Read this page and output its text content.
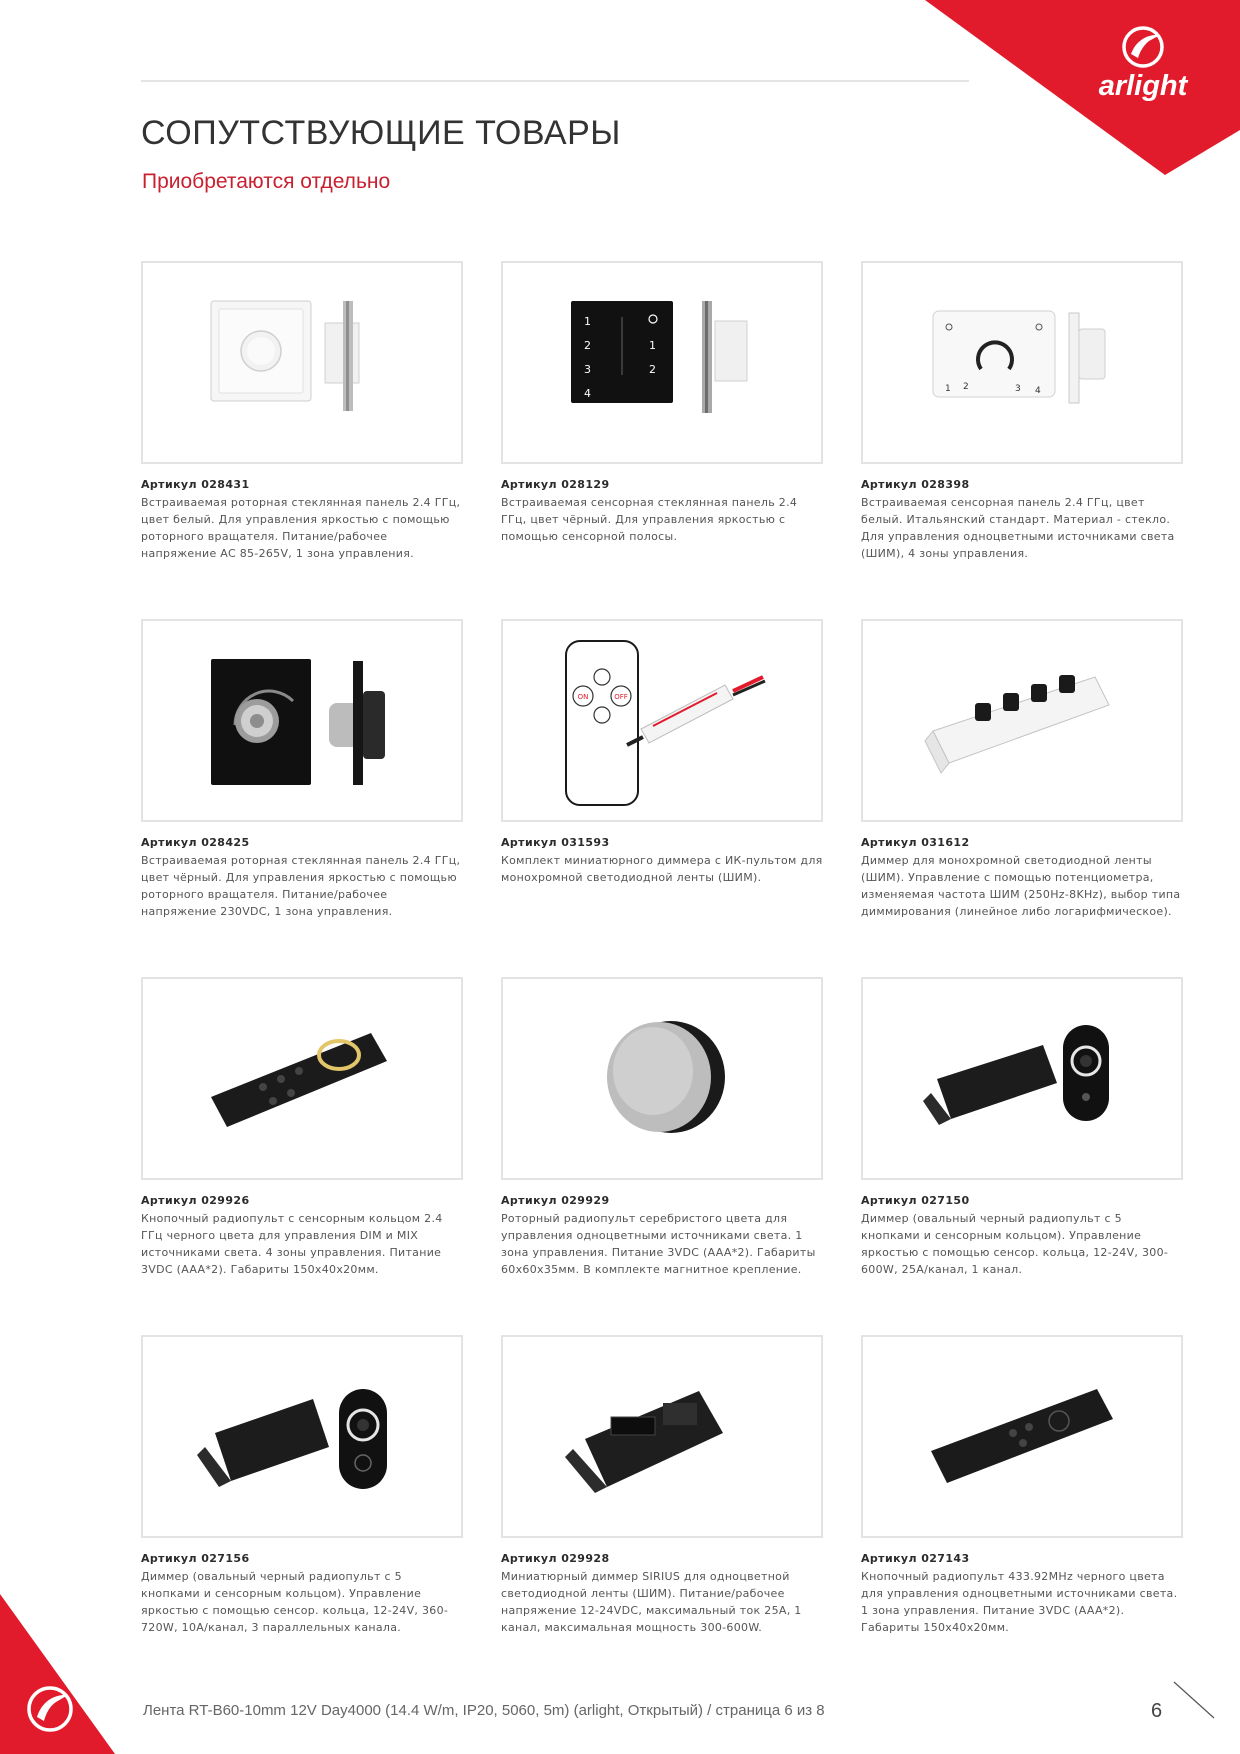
arlight
СОПУТСТВУЮЩИЕ ТОВАРЫ
Приобретаются отдельно
Артикул 028431
Встраиваемая роторная стеклянная панель 2.4 ГГц, цвет белый. Для управления яркостью с помощью роторного вращателя. Питание/рабочее напряжение AC 85-265V, 1 зона управления.
1
2
3
4
1
2
Артикул 028129
Встраиваемая сенсорная стеклянная панель 2.4 ГГц, цвет чёрный. Для управления яркостью с помощью сенсорной полосы.
1 2	3 4
Артикул 028398
Встраиваемая сенсорная панель 2.4 ГГц, цвет белый. Итальянский стандарт. Материал - стекло. Для управления одноцветными источниками света (ШИМ), 4 зоны управления.
Артикул 028425
Встраиваемая роторная стеклянная панель 2.4 ГГц, цвет чёрный. Для управления яркостью с помощью роторного вращателя. Питание/рабочее напряжение 230VDC, 1 зона управления.
ON	OFF
Артикул 031593
Комплект миниатюрного диммера с ИК-пультом для монохромной светодиодной ленты (ШИМ).
Артикул 031612
Диммер для монохромной светодиодной ленты (ШИМ). Управление с помощью потенциометра, изменяемая частота ШИМ (250Hz-8KHz), выбор типа диммирования (линейное либо логарифмическое).
Артикул 029926
Кнопочный радиопульт с сенсорным кольцом 2.4 ГГц черного цвета для управления DIM и MIX источниками света. 4 зоны управления. Питание 3VDC (AAA*2). Габариты 150x40x20мм.
Артикул 029929
Роторный радиопульт серебристого цвета для управления одноцветными источниками света. 1 зона управления. Питание 3VDC (AAA*2). Габариты 60x60x35мм. В комплекте магнитное крепление.
Артикул 027150
Диммер (овальный черный радиопульт с 5 кнопками и сенсорным кольцом). Управление яркостью с помощью сенсор. кольца, 12-24V, 300-600W, 25A/канал, 1 канал.
Артикул 027156
Диммер (овальный черный радиопульт с 5 кнопками и сенсорным кольцом). Управление яркостью с помощью сенсор. кольца, 12-24V, 360-720W, 10A/канал, 3 параллельных канала.
Артикул 029928
Миниатюрный диммер SIRIUS для одноцветной светодиодной ленты (ШИМ). Питание/рабочее напряжение 12-24VDC, максимальный ток 25А, 1 канал, максимальная мощность 300-600W.
Артикул 027143
Кнопочный радиопульт 433.92MHz черного цвета для управления одноцветными источниками света. 1 зона управления. Питание 3VDC (AAA*2). Габариты 150x40x20мм.
Лента RT-B60-10mm 12V Day4000 (14.4 W/m, IP20, 5060, 5m) (arlight, Открытый) / страница 6 из 8	6
